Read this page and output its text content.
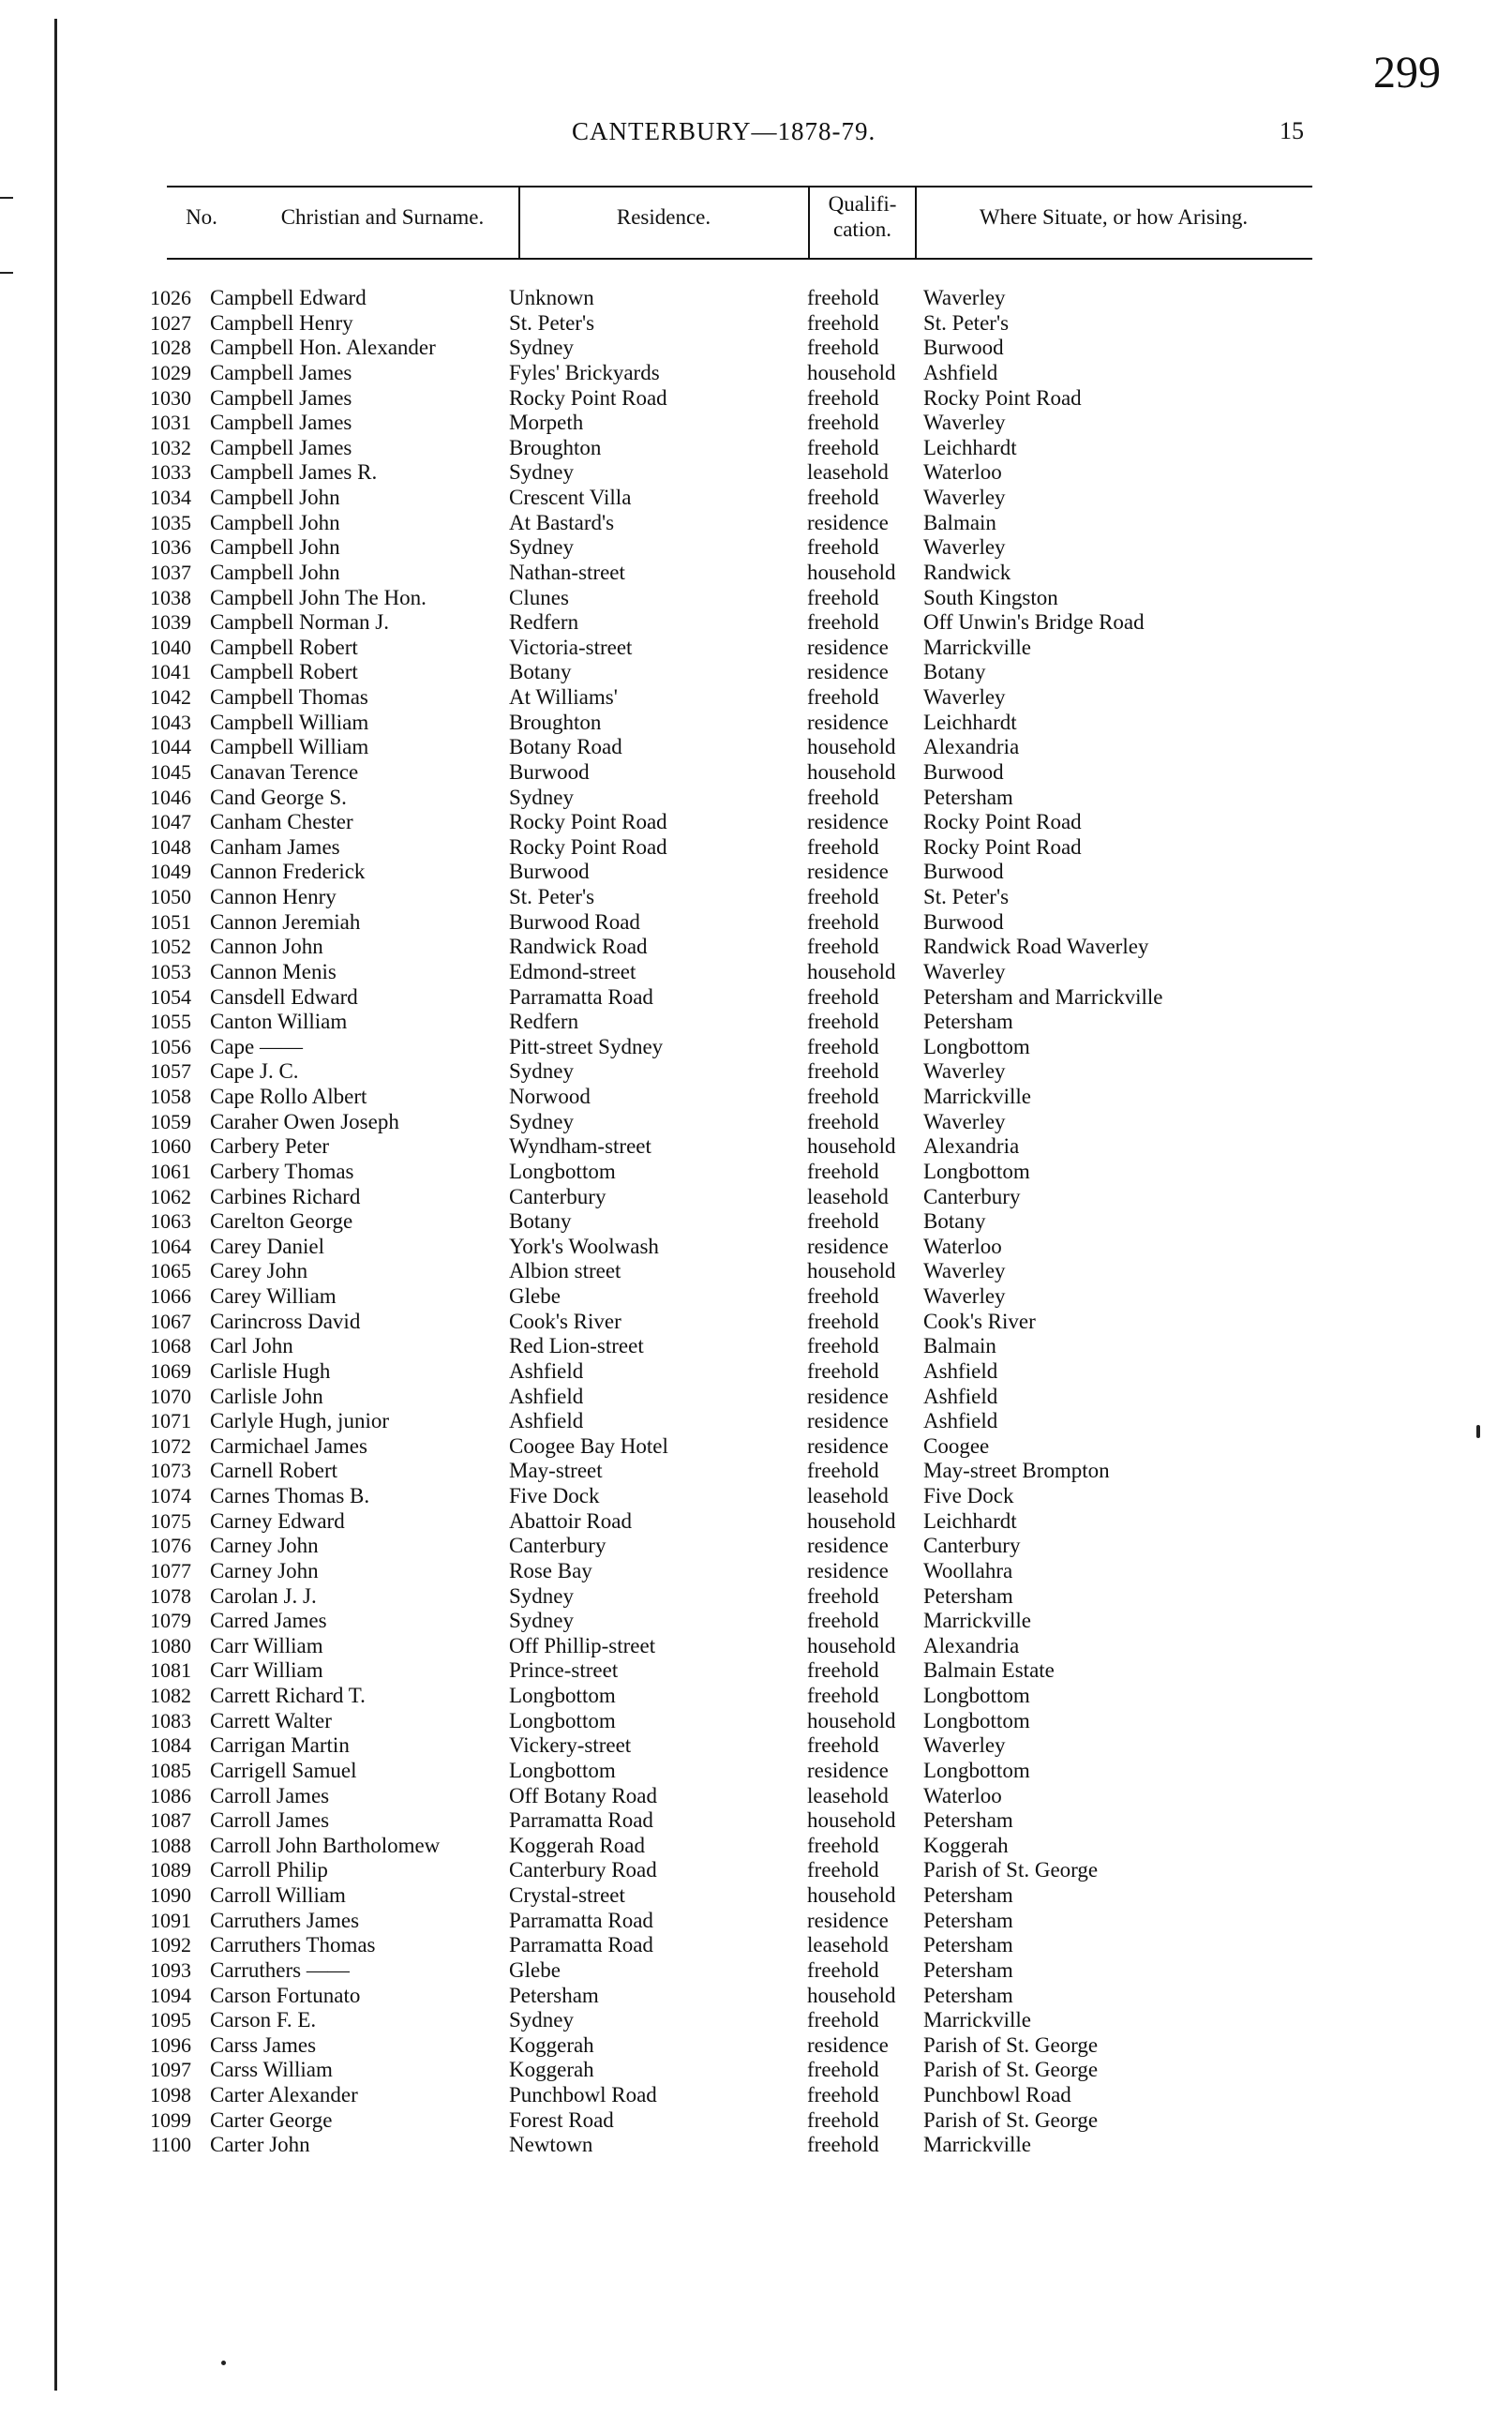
299
CANTERBURY—1878-79.	15
No.	Christian and Surname.	Residence.
Qualifi-
cation.
Where Situate, or how Arising.
1026 Campbell Edward	Unknown	freehold Waverley
1027 Campbell Henry	St. Peter's	freehold St. Peter's
1028 Campbell Hon. Alexander	Sydney	freehold Burwood
1029 Campbell James	Fyles' Brickyards	household Ashfield
1030 Campbell James	Rocky Point Road	freehold Rocky Point Road
1031 Campbell James	Morpeth	freehold Waverley
1032 Campbell James	Broughton	freehold Leichhardt
1033 Campbell James R.	Sydney	leasehold Waterloo
1034 Campbell John	Crescent Villa	freehold Waverley
1035 Campbell John	At Bastard's	residence Balmain
1036 Campbell John	Sydney	freehold Waverley
1037 Campbell John	Nathan-street	household Randwick
1038 Campbell John The Hon.	Clunes	freehold South Kingston
1039 Campbell Norman J.	Redfern	freehold Off Unwin's Bridge Road
1040 Campbell Robert	Victoria-street	residence Marrickville
1041 Campbell Robert	Botany	residence Botany
1042 Campbell Thomas	At Williams'	freehold Waverley
1043 Campbell William	Broughton	residence Leichhardt
1044 Campbell William	Botany Road	household Alexandria
1045 Canavan Terence	Burwood	household Burwood
1046 Cand George S.	Sydney	freehold Petersham
1047 Canham Chester	Rocky Point Road	residence Rocky Point Road
1048 Canham James	Rocky Point Road	freehold Rocky Point Road
1049 Cannon Frederick	Burwood	residence Burwood
1050 Cannon Henry	St. Peter's	freehold St. Peter's
1051 Cannon Jeremiah	Burwood Road	freehold Burwood
1052 Cannon John	Randwick Road	freehold Randwick Road Waverley
1053 Cannon Menis	Edmond-street	household Waverley
1054 Cansdell Edward	Parramatta Road	freehold Petersham and Marrickville
1055 Canton William	Redfern	freehold Petersham
1056 Cape ——	Pitt-street Sydney	freehold Longbottom
1057 Cape J. C.	Sydney	freehold Waverley
1058 Cape Rollo Albert	Norwood	freehold Marrickville
1059 Caraher Owen Joseph	Sydney	freehold Waverley
1060 Carbery Peter	Wyndham-street	household Alexandria
1061 Carbery Thomas	Longbottom	freehold Longbottom
1062 Carbines Richard	Canterbury	leasehold Canterbury
1063 Carelton George	Botany	freehold Botany
1064 Carey Daniel	York's Woolwash	residence Waterloo
1065 Carey John	Albion street	household Waverley
1066 Carey William	Glebe	freehold Waverley
1067 Carincross David	Cook's River	freehold Cook's River
1068 Carl John	Red Lion-street	freehold Balmain
1069 Carlisle Hugh	Ashfield	freehold Ashfield
1070 Carlisle John	Ashfield	residence Ashfield
1071 Carlyle Hugh, junior	Ashfield	residence Ashfield
1072 Carmichael James	Coogee Bay Hotel	residence Coogee
1073 Carnell Robert	May-street	freehold May-street Brompton
1074 Carnes Thomas B.	Five Dock	leasehold Five Dock
1075 Carney Edward	Abattoir Road	household Leichhardt
1076 Carney John	Canterbury	residence Canterbury
1077 Carney John	Rose Bay	residence Woollahra
1078 Carolan J. J.	Sydney	freehold Petersham
1079 Carred James	Sydney	freehold Marrickville
1080 Carr William	Off Phillip-street	household Alexandria
1081 Carr William	Prince-street	freehold Balmain Estate
1082 Carrett Richard T.	Longbottom	freehold Longbottom
1083 Carrett Walter	Longbottom	household Longbottom
1084 Carrigan Martin	Vickery-street	freehold Waverley
1085 Carrigell Samuel	Longbottom	residence Longbottom
1086 Carroll James	Off Botany Road	leasehold Waterloo
1087 Carroll James	Parramatta Road	household Petersham
1088 Carroll John Bartholomew	Koggerah Road	freehold Koggerah
1089 Carroll Philip	Canterbury Road	freehold Parish of St. George
1090 Carroll William	Crystal-street	household Petersham
1091 Carruthers James	Parramatta Road	residence Petersham
1092 Carruthers Thomas	Parramatta Road	leasehold Petersham
1093 Carruthers ——	Glebe	freehold Petersham
1094 Carson Fortunato	Petersham	household Petersham
1095 Carson F. E.	Sydney	freehold Marrickville
1096 Carss James	Koggerah	residence Parish of St. George
1097 Carss William	Koggerah	freehold Parish of St. George
1098 Carter Alexander	Punchbowl Road	freehold Punchbowl Road
1099 Carter George	Forest Road	freehold Parish of St. George
1100 Carter John	Newtown	freehold Marrickville
